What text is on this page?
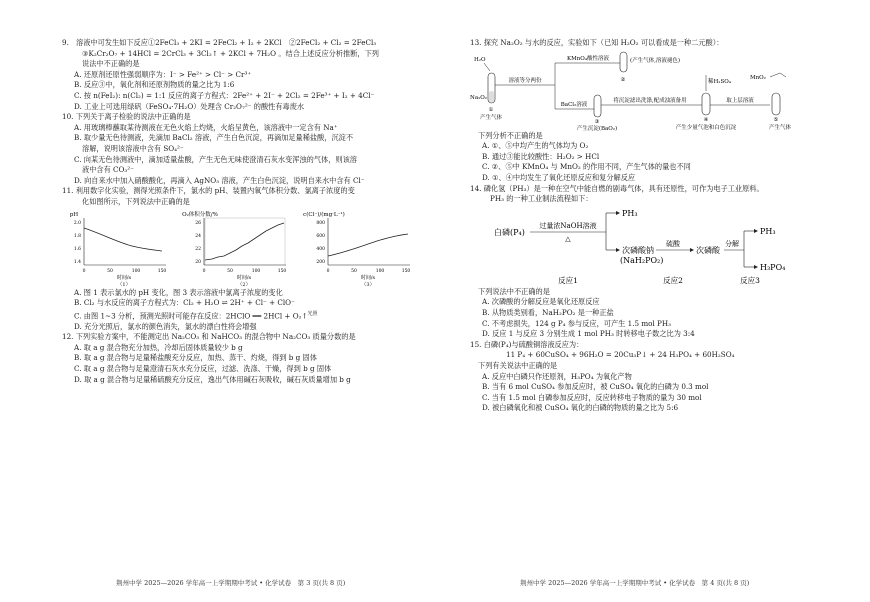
9.　溶液中可发生如下反应①2FeCl₃ + 2KI = 2FeCl₂ + I₂ + 2KCl　②2FeCl₂ + Cl₂ = 2FeCl₃

③K₂Cr₂O₇ + 14HCl = 2CrCl₃ + 3Cl₂↑ + 2KCl + 7H₂O 。结合上述反应分析推断，下列

说法中不正确的是

A. 还原剂还原性强弱顺序为：I⁻ > Fe²⁺ > Cl⁻ > Cr³⁺

B. 反应③中，氧化剂和还原剂物质的量之比为 1:6

C. 按 n(FeI₂): n(Cl₂) = 1:1 反应的离子方程式：2Fe²⁺ + 2I⁻ + 2Cl₂ = 2Fe³⁺ + I₂ + 4Cl⁻

D. 工业上可选用绿矾（FeSO₄·7H₂O）处理含 Cr₂O₇²⁻ 的酸性有毒废水

10. 下列关于离子检验的说法中正确的是

A. 用玻璃棒蘸取某待测液在无色火焰上灼烧，火焰呈黄色，该溶液中一定含有 Na⁺

B. 取少量无色待测液，先滴加 BaCl₂ 溶液，产生白色沉淀，再滴加足量稀盐酸，沉淀不

溶解，说明该溶液中含有 SO₄²⁻

C. 向某无色待测液中，滴加适量盐酸，产生无色无味使澄清石灰水变浑浊的气体，则该溶

液中含有 CO₃²⁻

D. 向自来水中加入硝酸酸化，再滴入 AgNO₃ 溶液，产生白色沉淀，说明自来水中含有 Cl⁻

11. 利用数字化实验，测得光照条件下，氯水的 pH、装置内氧气体积分数、氯离子浓度的变

化如图所示，下列说法中正确的是

pH
2.0
1.8
1.6
1.4
0	50	100	150
时间/s
（1）
O₂体积分数/%
26
24
22
20
0	50	100	150
时间/s
（2）
c(Cl⁻)/(mg·L⁻¹)
800
600
400
200
0	50	100	150
时间/s
（3）

A. 图 1 表示氯水的 pH 变化，图 3 表示溶液中氯离子浓度的变化

B. Cl₂ 与水反应的离子方程式为：Cl₂ + H₂O ⇌ 2H⁺ + Cl⁻ + ClO⁻

C. 由图 1~3 分析，预测光照时可能存在反应：2HClO ══ 2HCl + O₂↑$^{光照}$

D. 充分光照后，氯水的颜色消失，氯水的漂白性将会增强

12. 下列实验方案中，不能测定出 Na₂CO₃ 和 NaHCO₃ 的混合物中 Na₂CO₃ 质量分数的是

A. 取 a g 混合物充分加热，冷却后固体质量较少 b g

B. 取 a g 混合物与足量稀盐酸充分反应，加热、蒸干、灼烧，得到 b g 固体

C. 取 a g 混合物与足量澄清石灰水充分反应，过滤、洗涤、干燥，得到 b g 固体

D. 取 a g 混合物与足量稀硫酸充分反应，逸出气体用碱石灰吸收，碱石灰质量增加 b g

13. 探究 Na₂O₂ 与水的反应，实验如下（已知 H₂O₂ 可以看成是一种二元酸）：

H₂O
Na₂O₂
①
产生气体
溶液等分两份
KMnO₄酸性溶液
②
(产生气体,溶液褪色)
BaCl₂溶液
③
产生沉淀(BaO₂)
将沉淀滤出洗涤,配成浊液备用
稀H₂SO₄
④
产生少量气泡和白色沉淀
取上层溶液
MnO₂
⑤
产生气体

下列分析不正确的是

A. ①、⑤中均产生的气体均为 O₂

B. 通过③能比较酸性：H₂O₂ > HCl

C. ②、⑤中 KMnO₄ 与 MnO₂ 的作用不同，产生气体的量也不同

D. ①、④中均发生了氧化还原反应和复分解反应

14. 磷化氢（PH₃）是一种在空气中能自燃的剧毒气体，具有还原性，可作为电子工业原料。

PH₃ 的一种工业制法流程如下：

白磷(P₄)
过量浓NaOH溶液
△
PH₃
次磷酸钠
(NaH₂PO₂)
硫酸
次磷酸
分解
PH₃
H₃PO₄
反应1	反应2	反应3

下列说法中不正确的是

A. 次磷酸的分解反应是氧化还原反应

B. 从物质类别看，NaH₂PO₂ 是一种正盐

C. 不考虑损失，124 g P₄ 参与反应，可产生 1.5 mol PH₃

D. 反应 1 与反应 3 分别生成 1 mol PH₃ 时转移电子数之比为 3:4

15. 白磷(P₄)与硫酸铜溶液反应为：

11 P₄ + 60CuSO₄ + 96H₂O = 20Cu₃P↓ + 24 H₃PO₄ + 60H₂SO₄

下列有关说法中正确的是

A. 反应中白磷只作还原剂，H₃PO₄ 为氧化产物

B. 当有 6 mol CuSO₄ 参加反应时，被 CuSO₄ 氧化的白磷为 0.3 mol

C. 当有 1.5 mol 白磷参加反应时，反应转移电子物质的量为 30 mol

D. 被白磷氧化和被 CuSO₄ 氧化的白磷的物质的量之比为 5:6

荆州中学 2025—2026 学年高一上学期期中考试 • 化学试卷　第 3 页(共 8 页)	荆州中学 2025—2026 学年高一上学期期中考试 • 化学试卷　第 4 页(共 8 页)
